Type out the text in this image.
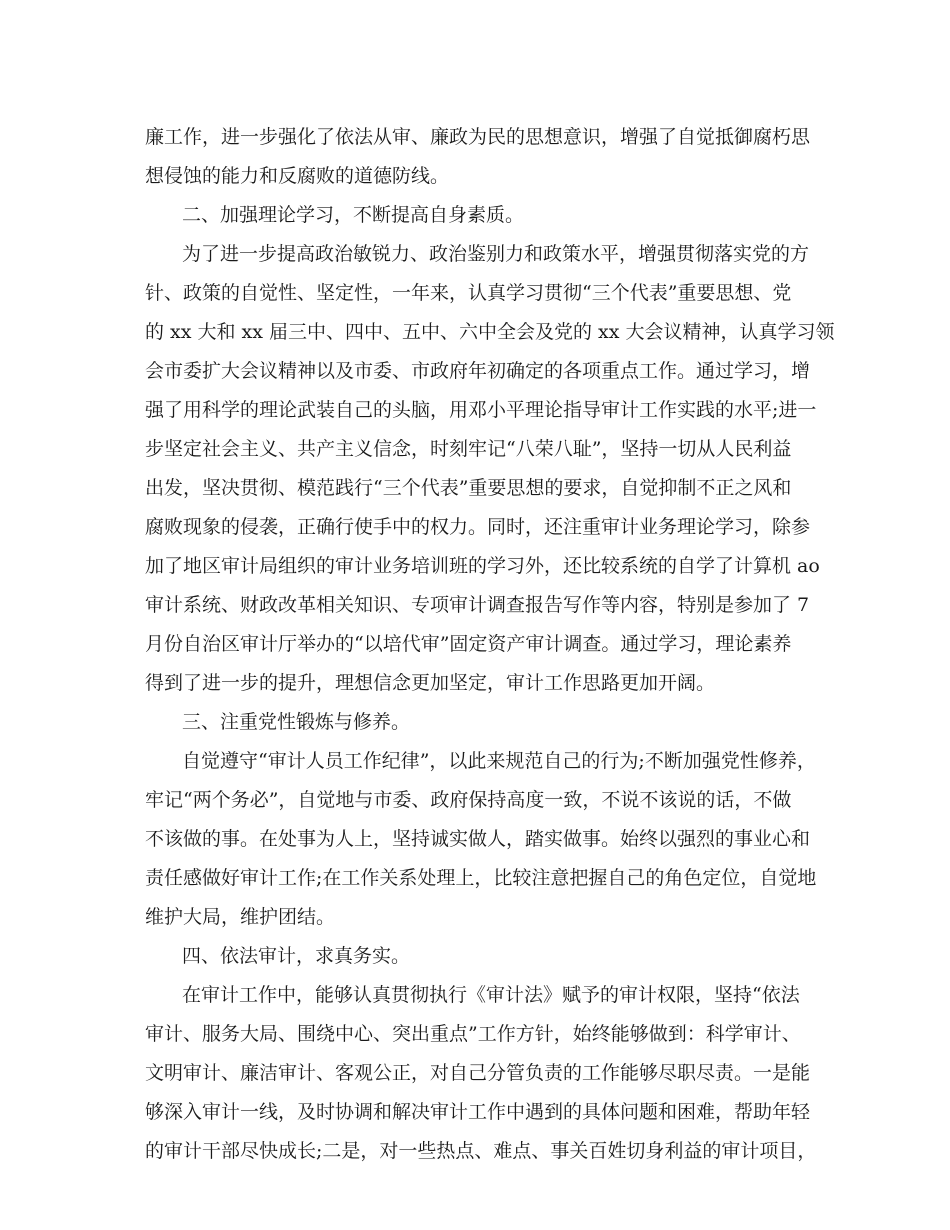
廉工作，进一步强化了依法从审、廉政为民的思想意识，增强了自觉抵御腐朽思
想侵蚀的能力和反腐败的道德防线。
二、加强理论学习，不断提高自身素质。
为了进一步提高政治敏锐力、政治鉴别力和政策水平，增强贯彻落实党的方
针、政策的自觉性、坚定性，一年来，认真学习贯彻“三个代表”重要思想、党
的 xx 大和 xx 届三中、四中、五中、六中全会及党的 xx 大会议精神，认真学习领
会市委扩大会议精神以及市委、市政府年初确定的各项重点工作。通过学习，增
强了用科学的理论武装自己的头脑，用邓小平理论指导审计工作实践的水平;进一
步坚定社会主义、共产主义信念，时刻牢记“八荣八耻”，坚持一切从人民利益
出发，坚决贯彻、模范践行“三个代表”重要思想的要求，自觉抑制不正之风和
腐败现象的侵袭，正确行使手中的权力。同时，还注重审计业务理论学习，除参
加了地区审计局组织的审计业务培训班的学习外，还比较系统的自学了计算机 ao
审计系统、财政改革相关知识、专项审计调查报告写作等内容，特别是参加了 7
月份自治区审计厅举办的“以培代审”固定资产审计调查。通过学习，理论素养
得到了进一步的提升，理想信念更加坚定，审计工作思路更加开阔。
三、注重党性锻炼与修养。
自觉遵守“审计人员工作纪律”，以此来规范自己的行为;不断加强党性修养，
牢记“两个务必”，自觉地与市委、政府保持高度一致，不说不该说的话，不做
不该做的事。在处事为人上，坚持诚实做人，踏实做事。始终以强烈的事业心和
责任感做好审计工作;在工作关系处理上，比较注意把握自己的角色定位，自觉地
维护大局，维护团结。
四、依法审计，求真务实。
在审计工作中，能够认真贯彻执行《审计法》赋予的审计权限，坚持“依法
审计、服务大局、围绕中心、突出重点”工作方针，始终能够做到：科学审计、
文明审计、廉洁审计、客观公正，对自己分管负责的工作能够尽职尽责。一是能
够深入审计一线，及时协调和解决审计工作中遇到的具体问题和困难，帮助年轻
的审计干部尽快成长;二是，对一些热点、难点、事关百姓切身利益的审计项目，
